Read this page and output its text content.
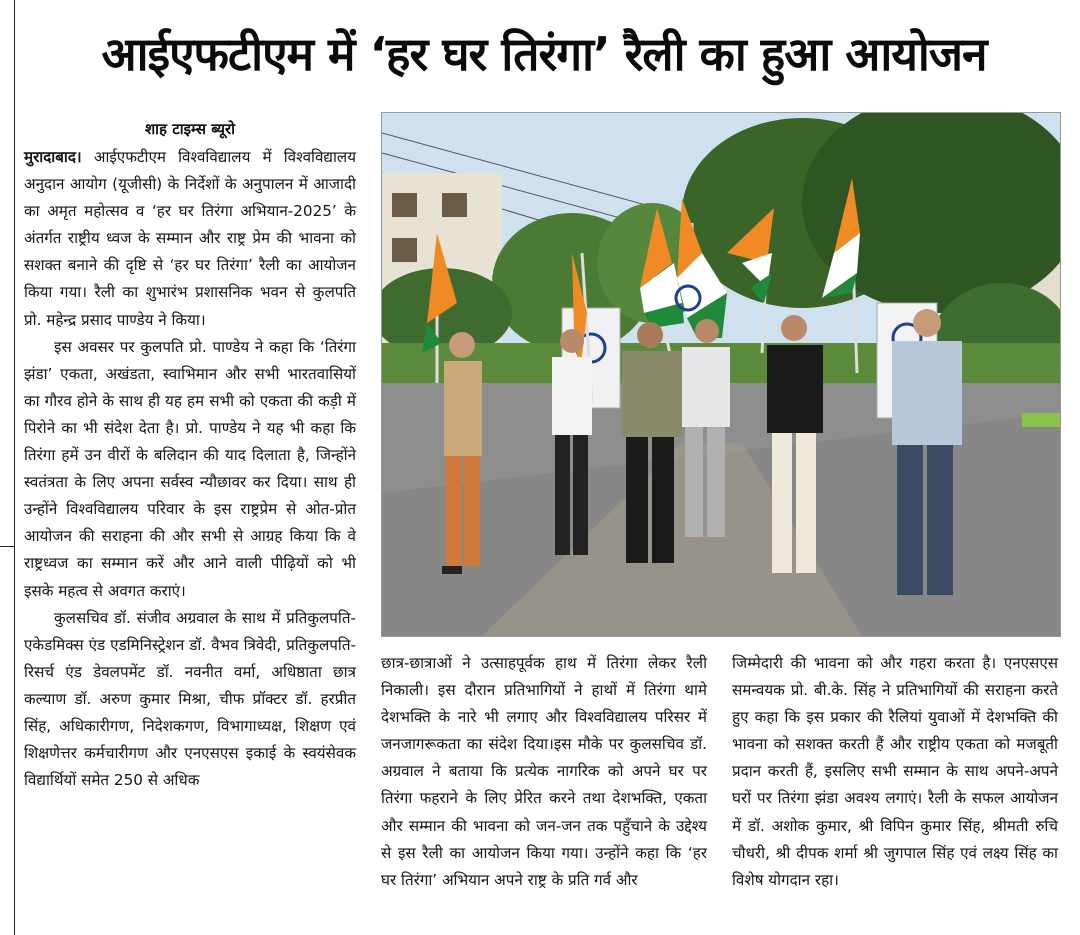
आईएफटीएम में ‘हर घर तिरंगा’ रैली का हुआ आयोजन
शाह टाइम्स ब्यूरो

मुरादाबाद। आईएफटीएम विश्वविद्यालय में विश्वविद्यालय अनुदान आयोग (यूजीसी) के निर्देशों के अनुपालन में आजादी का अमृत महोत्सव व ‘हर घर तिरंगा अभियान-2025’ के अंतर्गत राष्ट्रीय ध्वज के सम्मान और राष्ट्र प्रेम की भावना को सशक्त बनाने की दृष्टि से ‘हर घर तिरंगा’ रैली का आयोजन किया गया। रैली का शुभारंभ प्रशासनिक भवन से कुलपति प्रो. महेन्द्र प्रसाद पाण्डेय ने किया।

इस अवसर पर कुलपति प्रो. पाण्डेय ने कहा कि ‘तिरंगा झंडा’ एकता, अखंडता, स्वाभिमान और सभी भारतवासियों का गौरव होने के साथ ही यह हम सभी को एकता की कड़ी में पिरोने का भी संदेश देता है। प्रो. पाण्डेय ने यह भी कहा कि तिरंगा हमें उन वीरों के बलिदान की याद दिलाता है, जिन्होंने स्वतंत्रता के लिए अपना सर्वस्व न्यौछावर कर दिया। साथ ही उन्होंने विश्वविद्यालय परिवार के इस राष्ट्रप्रेम से ओत-प्रोत आयोजन की सराहना की और सभी से आग्रह किया कि वे राष्ट्रध्वज का सम्मान करें और आने वाली पीढ़ियों को भी इसके महत्व से अवगत कराएं।

कुलसचिव डॉ. संजीव अग्रवाल के साथ में प्रतिकुलपति- एकेडमिक्स एंड एडमिनिस्ट्रेशन डॉ. वैभव त्रिवेदी, प्रतिकुलपति- रिसर्च एंड डेवलपमेंट डॉ. नवनीत वर्मा, अधिष्ठाता छात्र कल्याण डॉ. अरुण कुमार मिश्रा, चीफ प्रॉक्टर डॉ. हरप्रीत सिंह, अधिकारीगण, निदेशकगण, विभागाध्यक्ष, शिक्षण एवं शिक्षणेत्तर कर्मचारीगण और एनएसएस इकाई के स्वयंसेवक विद्यार्थियों समेत 250 से अधिक

छात्र-छात्राओं ने उत्साहपूर्वक हाथ में तिरंगा लेकर रैली निकाली। इस दौरान प्रतिभागियों ने हाथों में तिरंगा थामे देशभक्ति के नारे भी लगाए और विश्वविद्यालय परिसर में जनजागरूकता का संदेश दिया।इस मौके पर कुलसचिव डॉ. अग्रवाल ने बताया कि प्रत्येक नागरिक को अपने घर पर तिरंगा फहराने के लिए प्रेरित करने तथा देशभक्ति, एकता और सम्मान की भावना को जन-जन तक पहुँचाने के उद्देश्य से इस रैली का आयोजन किया गया। उन्होंने कहा कि ‘हर घर तिरंगा’ अभियान अपने राष्ट्र के प्रति गर्व और

जिम्मेदारी की भावना को और गहरा करता है। एनएसएस समन्वयक प्रो. बी.के. सिंह ने प्रतिभागियों की सराहना करते हुए कहा कि इस प्रकार की रैलियां युवाओं में देशभक्ति की भावना को सशक्त करती हैं और राष्ट्रीय एकता को मजबूती प्रदान करती हैं, इसलिए सभी सम्मान के साथ अपने-अपने घरों पर तिरंगा झंडा अवश्य लगाएं। रैली के सफल आयोजन में डॉ. अशोक कुमार, श्री विपिन कुमार सिंह, श्रीमती रुचि चौधरी, श्री दीपक शर्मा श्री जुगपाल सिंह एवं लक्ष्य सिंह का विशेष योगदान रहा।
